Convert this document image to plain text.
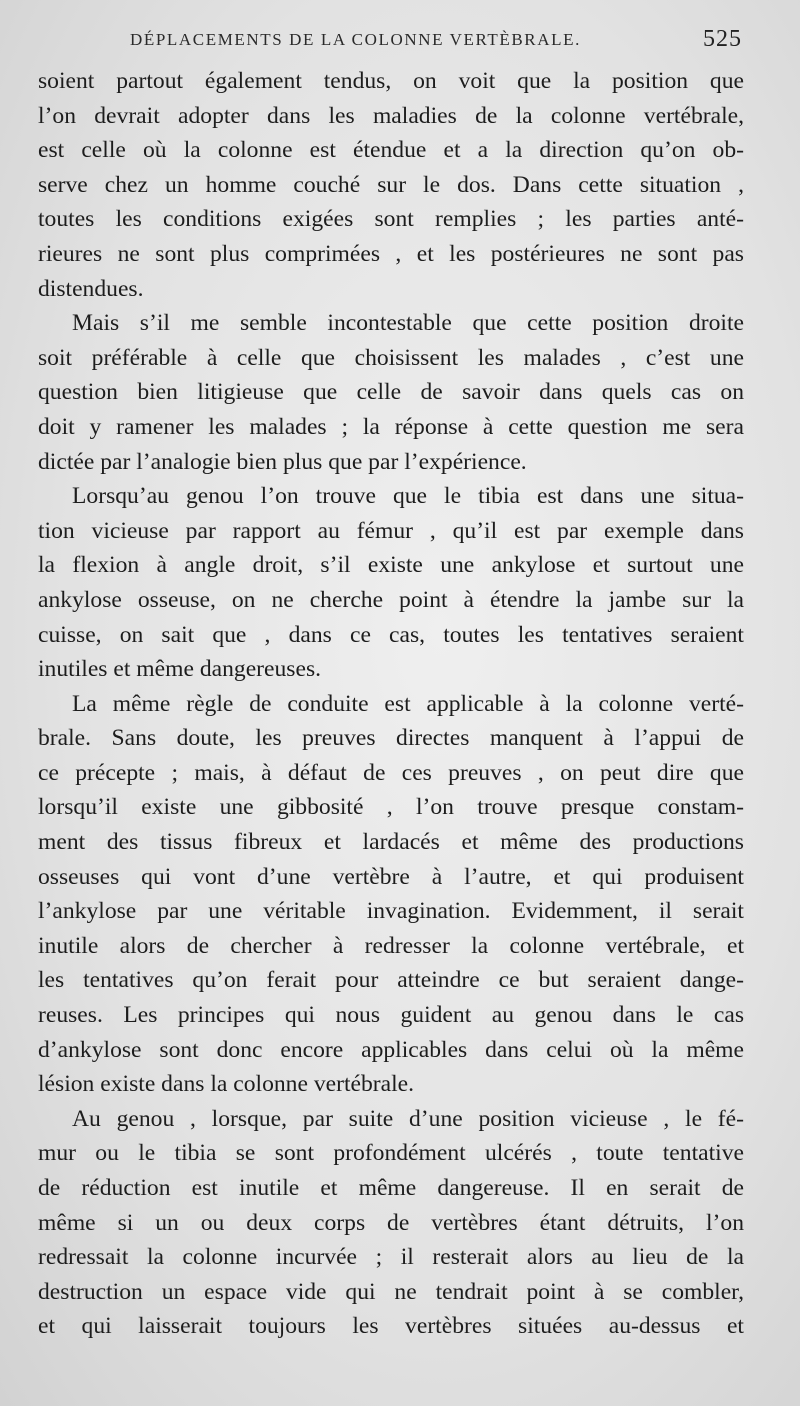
DÉPLACEMENTS DE LA COLONNE VERTÈBRALE.	525
soient partout également tendus, on voit que la position que
l’on devrait adopter dans les maladies de la colonne vertébrale,
est celle où la colonne est étendue et a la direction qu’on ob-
serve chez un homme couché sur le dos. Dans cette situation ,
toutes les conditions exigées sont remplies ; les parties anté-
rieures ne sont plus comprimées , et les postérieures ne sont pas
distendues.
Mais s’il me semble incontestable que cette position droite
soit préférable à celle que choisissent les malades , c’est une
question bien litigieuse que celle de savoir dans quels cas on
doit y ramener les malades ; la réponse à cette question me sera
dictée par l’analogie bien plus que par l’expérience.
Lorsqu’au genou l’on trouve que le tibia est dans une situa-
tion vicieuse par rapport au fémur , qu’il est par exemple dans
la flexion à angle droit, s’il existe une ankylose et surtout une
ankylose osseuse, on ne cherche point à étendre la jambe sur la
cuisse, on sait que , dans ce cas, toutes les tentatives seraient
inutiles et même dangereuses.
La même règle de conduite est applicable à la colonne verté-
brale. Sans doute, les preuves directes manquent à l’appui de
ce précepte ; mais, à défaut de ces preuves , on peut dire que
lorsqu’il existe une gibbosité , l’on trouve presque constam-
ment des tissus fibreux et lardacés et même des productions
osseuses qui vont d’une vertèbre à l’autre, et qui produisent
l’ankylose par une véritable invagination. Evidemment, il serait
inutile alors de chercher à redresser la colonne vertébrale, et
les tentatives qu’on ferait pour atteindre ce but seraient dange-
reuses. Les principes qui nous guident au genou dans le cas
d’ankylose sont donc encore applicables dans celui où la même
lésion existe dans la colonne vertébrale.
Au genou , lorsque, par suite d’une position vicieuse , le fé-
mur ou le tibia se sont profondément ulcérés , toute tentative
de réduction est inutile et même dangereuse. Il en serait de
même si un ou deux corps de vertèbres étant détruits, l’on
redressait la colonne incurvée ; il resterait alors au lieu de la
destruction un espace vide qui ne tendrait point à se combler,
et qui laisserait toujours les vertèbres situées au-dessus et
